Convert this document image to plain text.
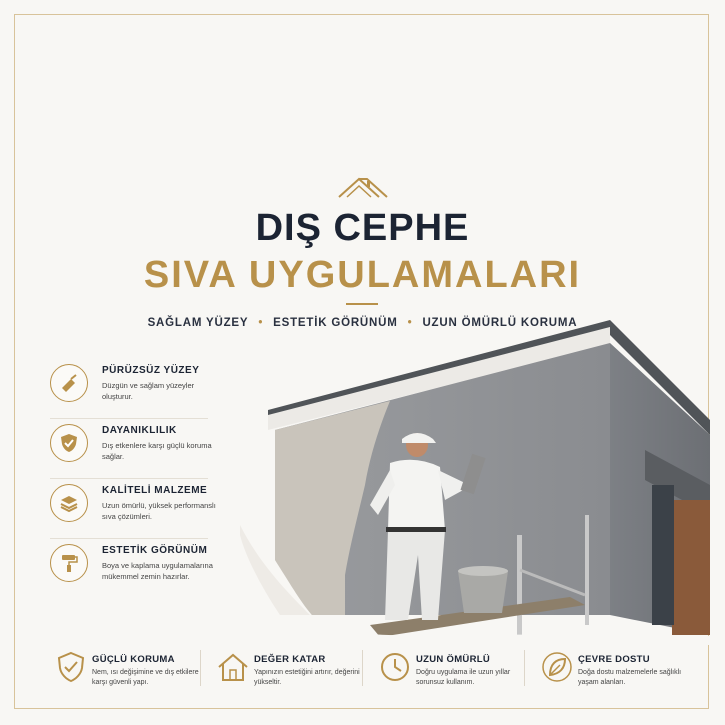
DIŞ CEPHE
SIVA UYGULAMALARI
SAĞLAM YÜZEY • ESTETİK GÖRÜNÜM • UZUN ÖMÜRLÜ KORUMA
PÜRÜZSÜZ YÜZEY
Düzgün ve sağlam yüzeyler oluşturur.
DAYANIKLILIK
Dış etkenlere karşı güçlü koruma sağlar.
KALİTELİ MALZEME
Uzun ömürlü, yüksek performanslı sıva çözümleri.
ESTETİK GÖRÜNÜM
Boya ve kaplama uygulamalarına mükemmel zemin hazırlar.
GÜÇLÜ KORUMA
Nem, ısı değişimine ve dış etkilere karşı güvenli yapı.
DEĞER KATAR
Yapınızın estetiğini artırır, değerini yükseltir.
UZUN ÖMÜRLÜ
Doğru uygulama ile uzun yıllar sorunsuz kullanım.
ÇEVRE DOSTU
Doğa dostu malzemelerle sağlıklı yaşam alanları.
